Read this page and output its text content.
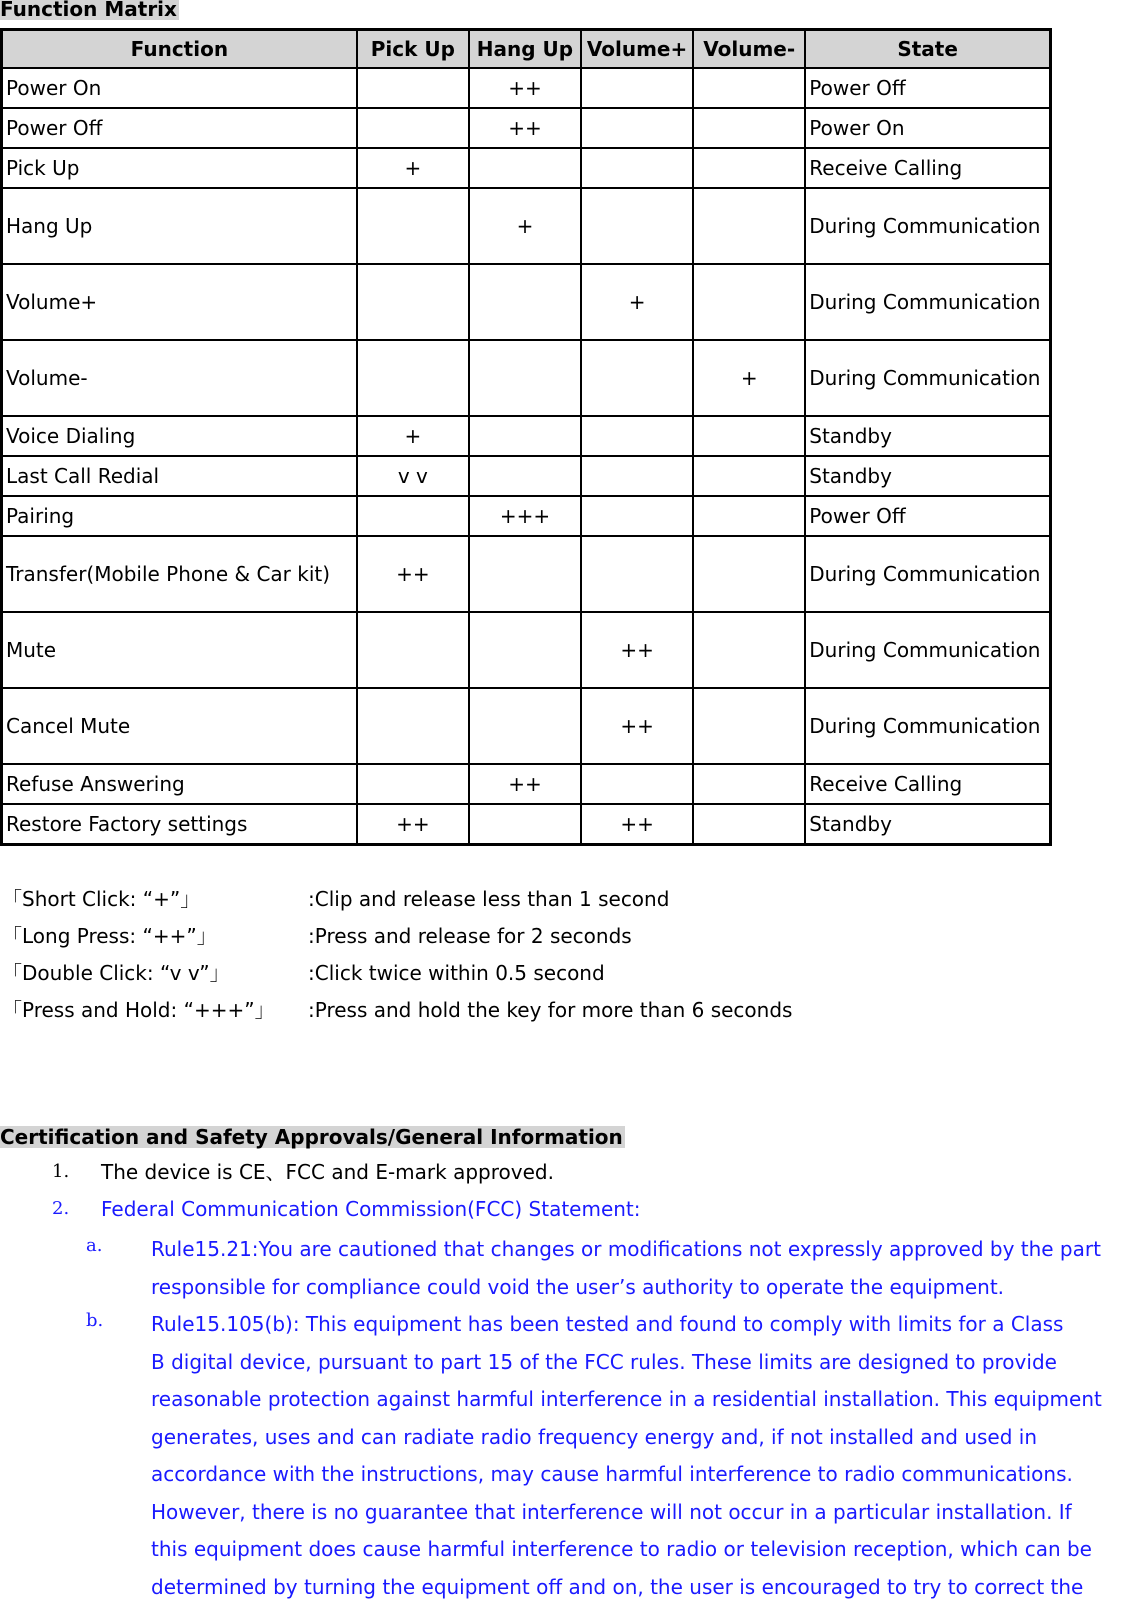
Function Matrix
Function	Pick Up	Hang Up	Volume+	Volume-	State
Power On		++			Power Off
Power Off		++			Power On
Pick Up	+				Receive Calling
Hang Up		+			During Communication
Volume+			+		During Communication
Volume-				+	During Communication
Voice Dialing	+				Standby
Last Call Redial	v v				Standby
Pairing		+++			Power Off
Transfer(Mobile Phone & Car kit)	++				During Communication
Mute			++		During Communication
Cancel Mute			++		During Communication
Refuse Answering		++			Receive Calling
Restore Factory settings	++		++		Standby
「Short Click: “+”」	:Clip and release less than 1 second
「Long Press: “++”」	:Press and release for 2 seconds
「Double Click: “v v”」	:Click twice within 0.5 second
「Press and Hold: “+++”」 :Press and hold the key for more than 6 seconds
Certification and Safety Approvals/General Information
1. The device is CE、FCC and E-mark approved.
2. Federal Communication Commission(FCC) Statement:
a. Rule15.21:You are cautioned that changes or modifications not expressly approved by the part
responsible for compliance could void the user’s authority to operate the equipment.
b. Rule15.105(b): This equipment has been tested and found to comply with limits for a Class
B digital device, pursuant to part 15 of the FCC rules. These limits are designed to provide
reasonable protection against harmful interference in a residential installation. This equipment
generates, uses and can radiate radio frequency energy and, if not installed and used in
accordance with the instructions, may cause harmful interference to radio communications.
However, there is no guarantee that interference will not occur in a particular installation. If
this equipment does cause harmful interference to radio or television reception, which can be
determined by turning the equipment off and on, the user is encouraged to try to correct the
